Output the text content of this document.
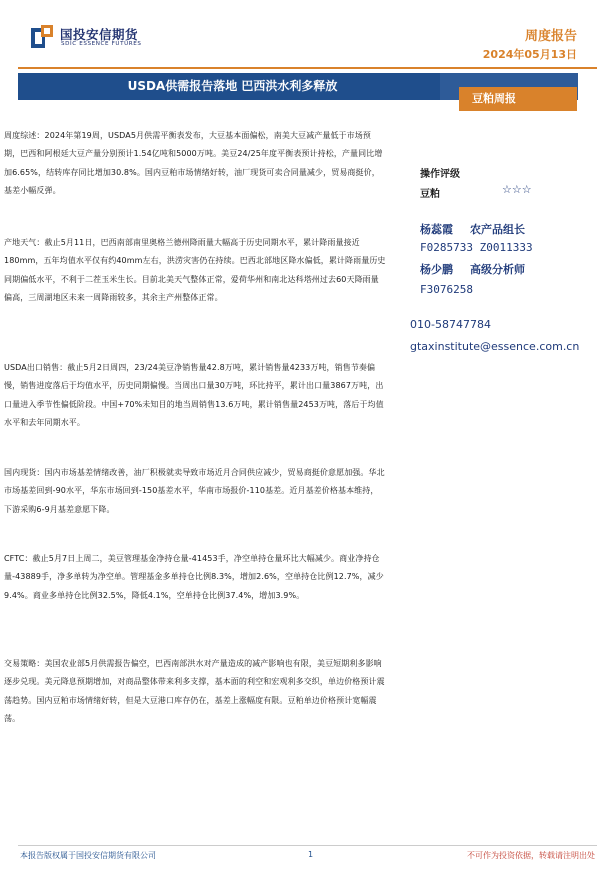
国投安信期货
SDIC ESSENCE FUTURES	周度报告
2024年05月13日
USDA供需报告落地 巴西洪水利多释放
豆粕周报

周度综述：2024年第19周，USDA5月供需平衡表发布，大豆基本面偏松，南美大豆减产量低于市场预期，巴西和阿根廷大豆产量分别预计1.54亿吨和5000万吨。美豆24/25年度平衡表预计持松，产量同比增加6.65%，结转库存同比增加30.8%。国内豆粕市场情绪好转，油厂现货可卖合同量减少，贸易商挺价，基差小幅反弹。

产地天气：截止5月11日，巴西南部南里奥格兰德州降雨量大幅高于历史同期水平，累计降雨量接近180mm，五年均值水平仅有约40mm左右，洪涝灾害仍在持续。巴西北部地区降水偏低，累计降雨量历史同期偏低水平，不利于二茬玉米生长。目前北美天气整体正常，爱荷华州和南北达科塔州过去60天降雨量偏高，三周湖地区未来一周降雨较多，其余主产州整体正常。

USDA出口销售：截止5月2日周四，23/24美豆净销售量42.8万吨，累计销售量4233万吨，销售节奏偏慢，销售进度落后于均值水平，历史同期偏慢。当周出口量30万吨，环比持平，累计出口量3867万吨，出口量进入季节性偏低阶段。中国+70%未知目的地当周销售13.6万吨，累计销售量2453万吨，落后于均值水平和去年同期水平。

国内现货：国内市场基差情绪改善，油厂积极就卖导致市场近月合同供应减少，贸易商挺价意愿加强。华北市场基差回到-90水平，华东市场回到-150基差水平，华南市场报价-110基差。近月基差价格基本维持，下游采购6-9月基差意愿下降。

CFTC：截止5月7日上周二，美豆管理基金净持仓量-41453手，净空单持仓量环比大幅减少。商业净持仓量-43889手，净多单转为净空单。管理基金多单持仓比例8.3%，增加2.6%，空单持仓比例12.7%，减少9.4%。商业多单持仓比例32.5%，降低4.1%，空单持仓比例37.4%，增加3.9%。

交易策略：美国农业部5月供需报告偏空，巴西南部洪水对产量造成的减产影响也有限，美豆短期利多影响逐步兑现。美元降息预期增加，对商品整体带来利多支撑，基本面的利空和宏观利多交织，单边价格预计震荡趋势。国内豆粕市场情绪好转，但是大豆港口库存仍在，基差上涨幅度有限。豆粕单边价格预计宽幅震荡。

操作评级
豆粕	☆☆☆
杨蕊霞 农产品组长
F0285733 Z0011333
杨少鹏 高级分析师
F3076258
010-58747784
gtaxinstitute@essence.com.cn
本报告版权属于国投安信期货有限公司	1	不可作为投资依据，转载请注明出处
